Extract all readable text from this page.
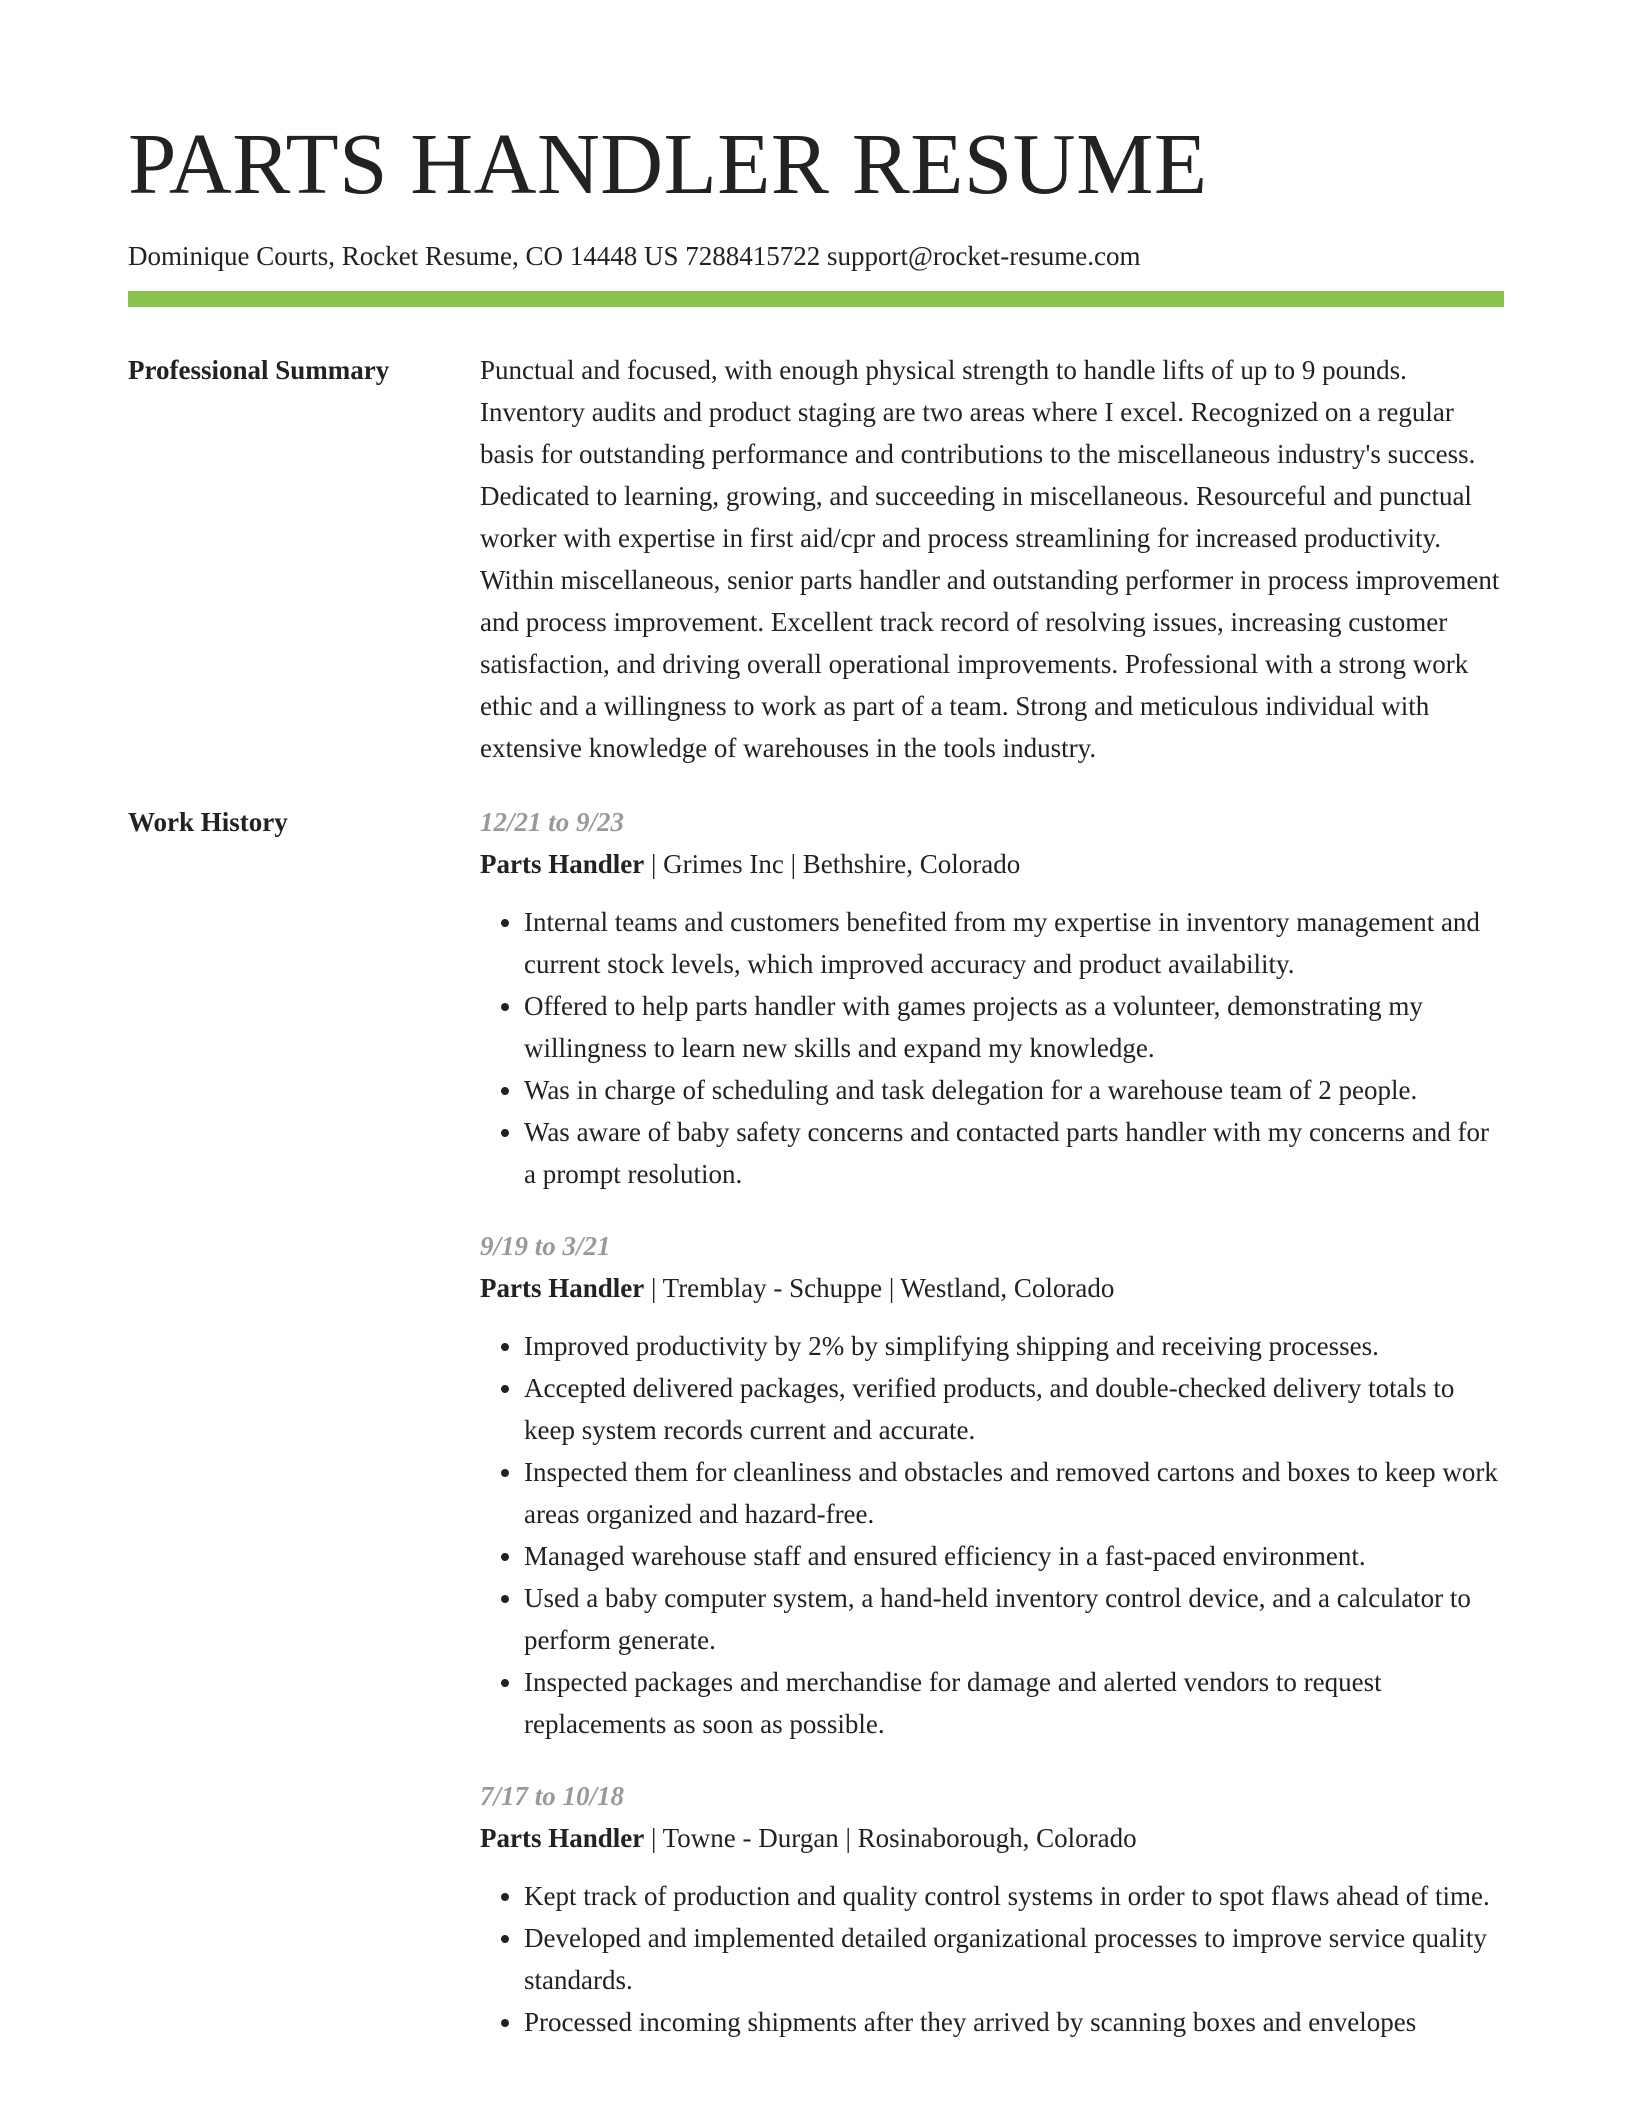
PARTS HANDLER RESUME
Dominique Courts, Rocket Resume, CO 14448 US 7288415722 support@rocket-resume.com
Professional Summary	Punctual and focused, with enough physical strength to handle lifts of up to 9 pounds. Inventory audits and product staging are two areas where I excel. Recognized on a regular basis for outstanding performance and contributions to the miscellaneous industry's success. Dedicated to learning, growing, and succeeding in miscellaneous. Resourceful and punctual worker with expertise in first aid/cpr and process streamlining for increased productivity. Within miscellaneous, senior parts handler and outstanding performer in process improvement and process improvement. Excellent track record of resolving issues, increasing customer satisfaction, and driving overall operational improvements. Professional with a strong work ethic and a willingness to work as part of a team. Strong and meticulous individual with extensive knowledge of warehouses in the tools industry.

Work History	12/21 to 9/23
Parts Handler | Grimes Inc | Bethshire, Colorado
• Internal teams and customers benefited from my expertise in inventory management and current stock levels, which improved accuracy and product availability.
• Offered to help parts handler with games projects as a volunteer, demonstrating my willingness to learn new skills and expand my knowledge.
• Was in charge of scheduling and task delegation for a warehouse team of 2 people.
• Was aware of baby safety concerns and contacted parts handler with my concerns and for a prompt resolution.
9/19 to 3/21
Parts Handler | Tremblay - Schuppe | Westland, Colorado
• Improved productivity by 2% by simplifying shipping and receiving processes.
• Accepted delivered packages, verified products, and double-checked delivery totals to keep system records current and accurate.
• Inspected them for cleanliness and obstacles and removed cartons and boxes to keep work areas organized and hazard-free.
• Managed warehouse staff and ensured efficiency in a fast-paced environment.
• Used a baby computer system, a hand-held inventory control device, and a calculator to perform generate.
• Inspected packages and merchandise for damage and alerted vendors to request replacements as soon as possible.
7/17 to 10/18
Parts Handler | Towne - Durgan | Rosinaborough, Colorado
• Kept track of production and quality control systems in order to spot flaws ahead of time.
• Developed and implemented detailed organizational processes to improve service quality standards.
• Processed incoming shipments after they arrived by scanning boxes and envelopes
